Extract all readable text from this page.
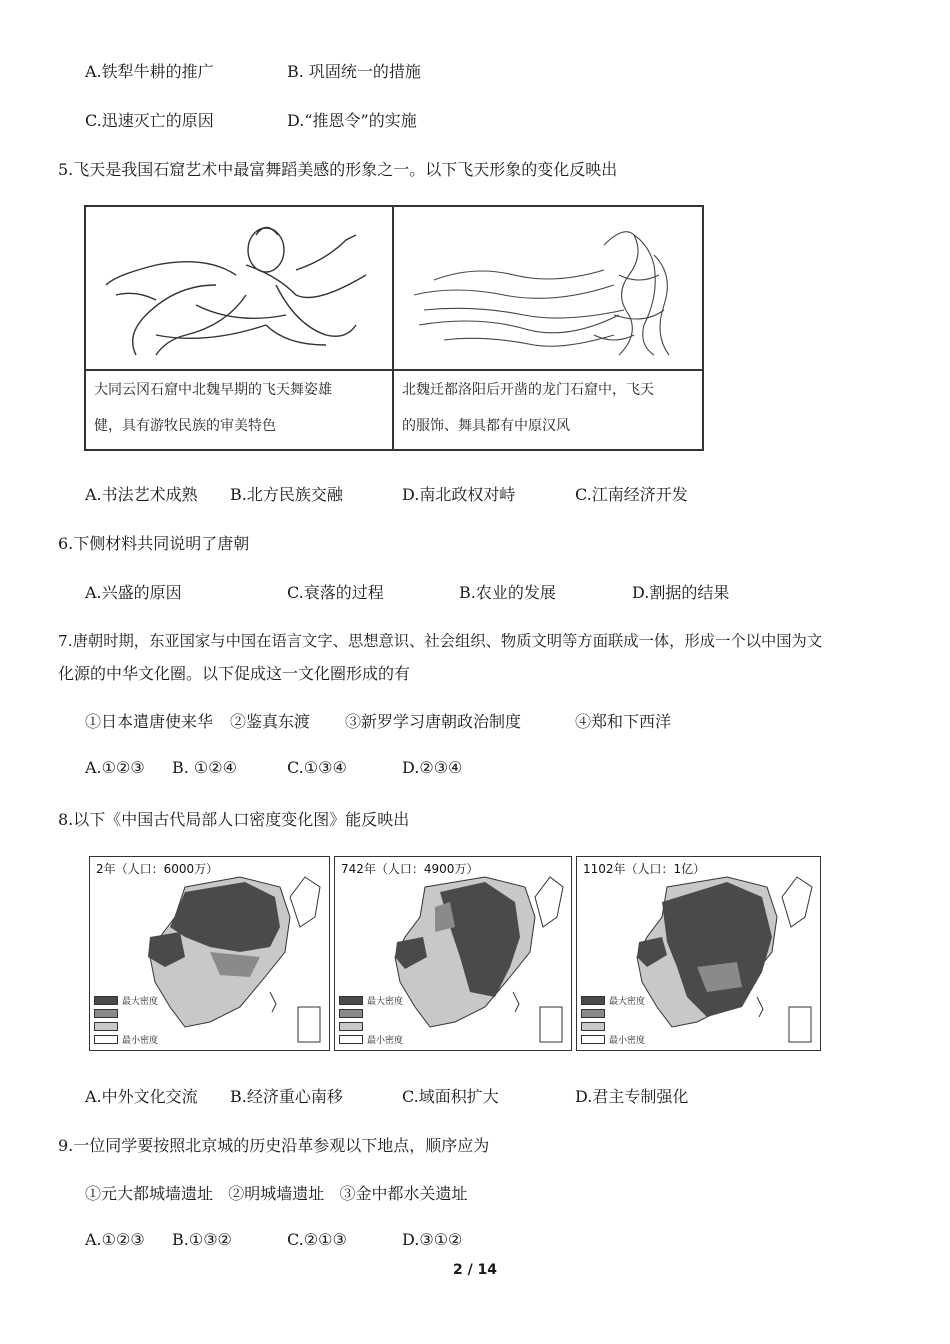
A.铁犁牛耕的推广	B. 巩固统一的措施
C.迅速灭亡的原因	D.“推恩令”的实施
5.飞天是我国石窟艺术中最富舞蹈美感的形象之一。以下飞天形象的变化反映出
大同云冈石窟中北魏早期的飞天舞姿雄
健，具有游牧民族的审美特色
北魏迁都洛阳后开凿的龙门石窟中，飞天
的服饰、舞具都有中原汉风
A.书法艺术成熟 B.北方民族交融	D.南北政权对峙	C.江南经济开发
6.下侧材料共同说明了唐朝
A.兴盛的原因	C.衰落的过程	B.农业的发展	D.割据的结果
7.唐朝时期，东亚国家与中国在语言文字、思想意识、社会组织、物质文明等方面联成一体，形成一个以中国为文
化源的中华文化圈。以下促成这一文化圈形成的有
①日本遣唐使来华 ②鉴真东渡 ③新罗学习唐朝政治制度	④郑和下西洋
A.①②③ B. ①②④	C.①③④	D.②③④
8.以下《中国古代局部人口密度变化图》能反映出
2年（人口：6000万）
最大密度
最小密度
742年（人口：4900万）
最大密度
最小密度
1102年（人口：1亿）
最大密度
最小密度
A.中外文化交流 B.经济重心南移	C.域面积扩大	D.君主专制强化
9.一位同学要按照北京城的历史沿革参观以下地点，顺序应为
①元大都城墙遗址   ②明城墙遗址   ③金中都水关遗址
A.①②③ B.①③②	C.②①③	D.③①②
2 / 14
